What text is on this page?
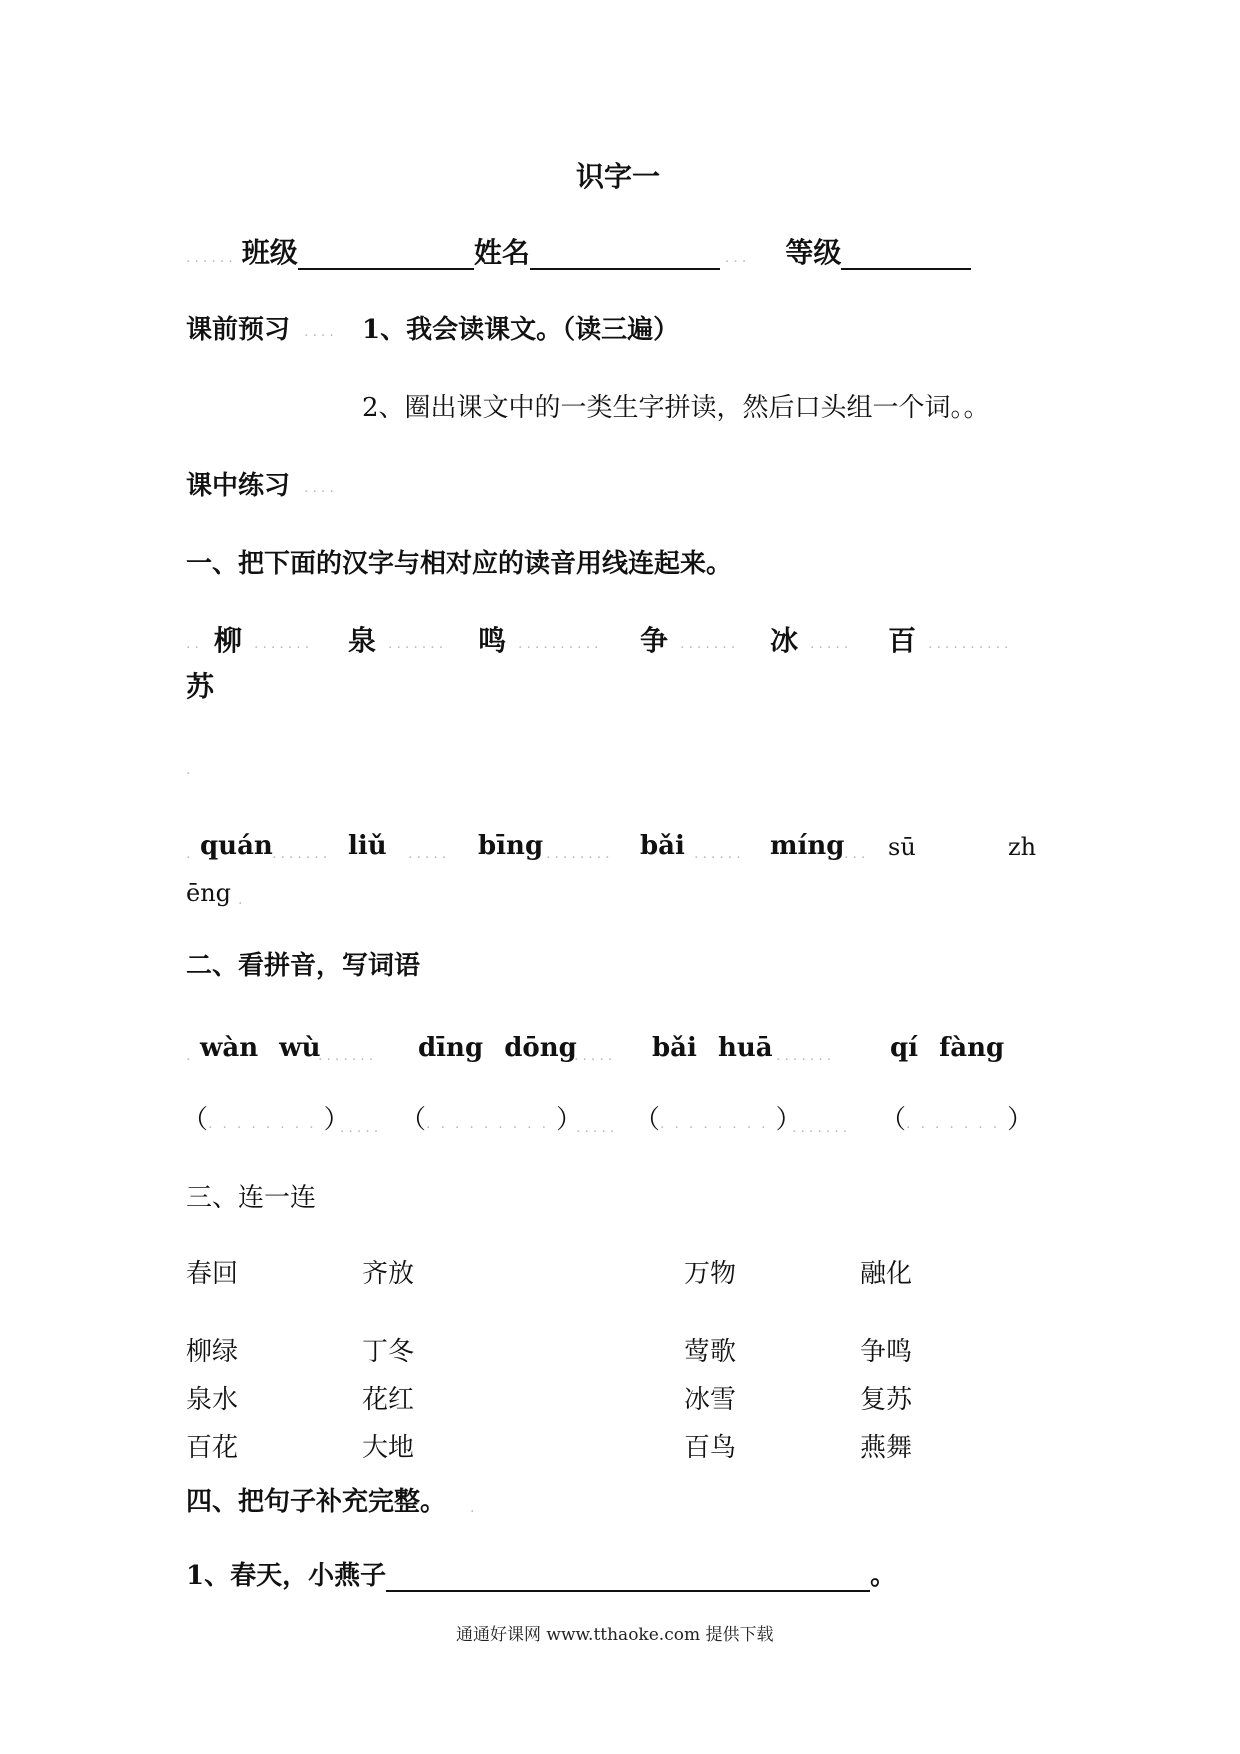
识字一
...... 班级	姓名	... 等级
课前预习 .... 1、我会读课文。（读三遍）
2、圈出课文中的一类生字拼读，然后口头组一个词。。
课中练习 ....
一、把下面的汉字与相对应的读音用线连起来。
.. 柳 ....... 泉 ....... 鸣 .......... 争 ....... 冰 ..... 百 ..........
苏
.
. quán ....... liǔ ..... bīng ........ bǎi ...... míng ... sū	zh
ēng .
二、看拼音，写词语
. wàn wù
....... dīng dōng
..... bǎi huā ....... qí fàng
（........）
..... （.........）
..... （........）
....... （.......）
三、连一连
春回	齐放	万物	融化
柳绿	丁冬	莺歌	争鸣
泉水	花红	冰雪	复苏
百花	大地	百鸟	燕舞
四、把句子补充完整。 .
1、春天，小燕子	。
通通好课网 www.tthaoke.com 提供下载
